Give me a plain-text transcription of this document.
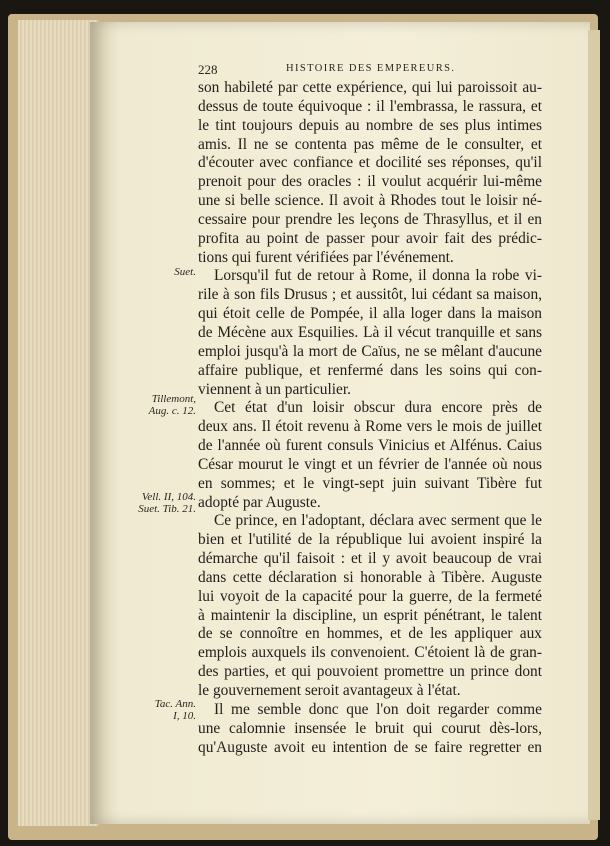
228	HISTOIRE DES EMPEREURS.
Suet.
Tillemont,
Aug. c. 12.
Vell. II, 104.
Suet. Tib. 21.
Tac. Ann.
I, 10.
son habileté par cette expérience, qui lui paroissoit au-
dessus de toute équivoque : il l'embrassa, le rassura, et
le tint toujours depuis au nombre de ses plus intimes
amis. Il ne se contenta pas même de le consulter, et
d'écouter avec confiance et docilité ses réponses, qu'il
prenoit pour des oracles : il voulut acquérir lui-même
une si belle science. Il avoit à Rhodes tout le loisir né-
cessaire pour prendre les leçons de Thrasyllus, et il en
profita au point de passer pour avoir fait des prédic-
tions qui furent vérifiées par l'événement.
Lorsqu'il fut de retour à Rome, il donna la robe vi-
rile à son fils Drusus ; et aussitôt, lui cédant sa maison,
qui étoit celle de Pompée, il alla loger dans la maison
de Mécène aux Esquilies. Là il vécut tranquille et sans
emploi jusqu'à la mort de Caïus, ne se mêlant d'aucune
affaire publique, et renfermé dans les soins qui con-
viennent à un particulier.
Cet état d'un loisir obscur dura encore près de
deux ans. Il étoit revenu à Rome vers le mois de juillet
de l'année où furent consuls Vinicius et Alfénus. Caius
César mourut le vingt et un février de l'année où nous
en sommes; et le vingt-sept juin suivant Tibère fut
adopté par Auguste.
Ce prince, en l'adoptant, déclara avec serment que le
bien et l'utilité de la république lui avoient inspiré la
démarche qu'il faisoit : et il y avoit beaucoup de vrai
dans cette déclaration si honorable à Tibère. Auguste
lui voyoit de la capacité pour la guerre, de la fermeté
à maintenir la discipline, un esprit pénétrant, le talent
de se connoître en hommes, et de les appliquer aux
emplois auxquels ils convenoient. C'étoient là de gran-
des parties, et qui pouvoient promettre un prince dont
le gouvernement seroit avantageux à l'état.
Il me semble donc que l'on doit regarder comme
une calomnie insensée le bruit qui courut dès-lors,
qu'Auguste avoit eu intention de se faire regretter en
